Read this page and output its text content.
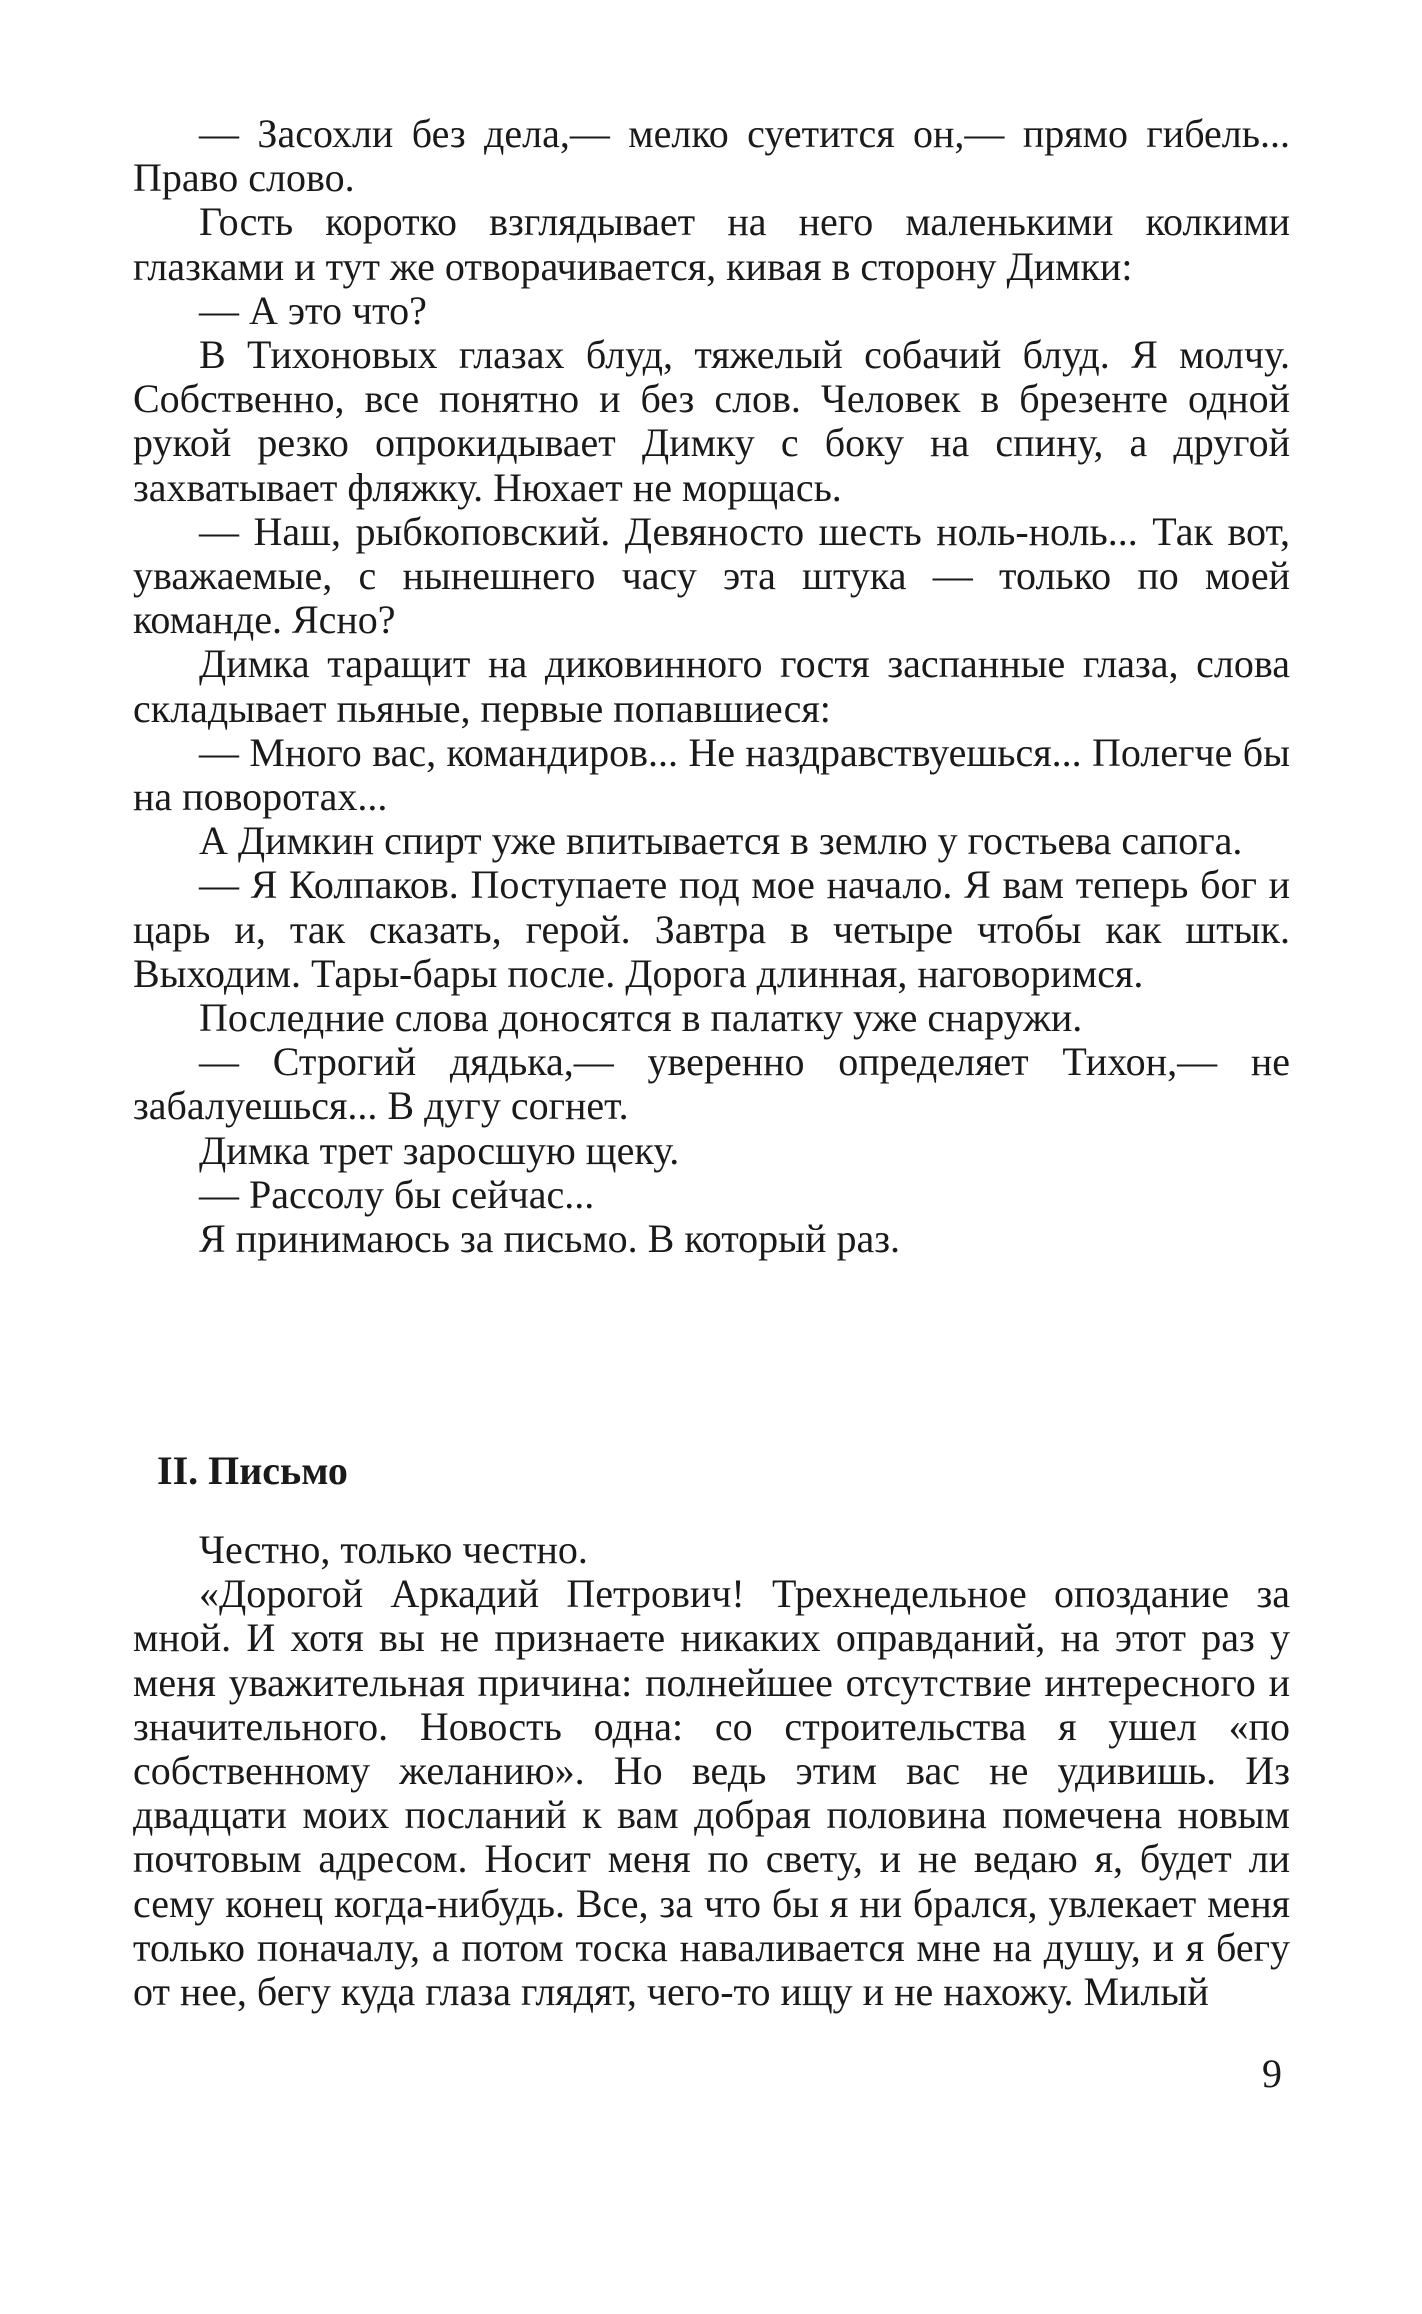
— Засохли без дела,— мелко суетится он,— прямо гибель... Право слово.

Гость коротко взглядывает на него маленькими колкими глазками и тут же отворачивается, кивая в сторону Димки:

— А это что?

В Тихоновых глазах блуд, тяжелый собачий блуд. Я молчу. Собственно, все понятно и без слов. Человек в брезенте одной рукой резко опрокидывает Димку с боку на спину, а другой захватывает фляжку. Нюхает не морщась.

— Наш, рыбкоповский. Девяносто шесть ноль-ноль... Так вот, уважаемые, с нынешнего часу эта штука — только по моей команде. Ясно?

Димка таращит на диковинного гостя заспанные глаза, слова складывает пьяные, первые попавшиеся:

— Много вас, командиров... Не наздравствуешься... Полегче бы на поворотах...

А Димкин спирт уже впитывается в землю у гостьева сапога.

— Я Колпаков. Поступаете под мое начало. Я вам теперь бог и царь и, так сказать, герой. Завтра в четыре чтобы как штык. Выходим. Тары-бары после. Дорога длинная, наговоримся.

Последние слова доносятся в палатку уже снаружи.

— Строгий дядька,— уверенно определяет Тихон,— не забалуешься... В дугу согнет.

Димка трет заросшую щеку.

— Рассолу бы сейчас...

Я принимаюсь за письмо. В который раз.

II. Письмо

Честно, только честно.

«Дорогой Аркадий Петрович! Трехнедельное опоздание за мной. И хотя вы не признаете никаких оправданий, на этот раз у меня уважительная причина: полнейшее отсутствие интересного и значительного. Новость одна: со строительства я ушел «по собственному желанию». Но ведь этим вас не удивишь. Из двадцати моих посланий к вам добрая половина помечена новым почтовым адресом. Носит меня по свету, и не ведаю я, будет ли сему конец когда-нибудь. Все, за что бы я ни брался, увлекает меня только поначалу, а потом тоска наваливается мне на душу, и я бегу от нее, бегу куда глаза глядят, чего-то ищу и не нахожу. Милый

9
